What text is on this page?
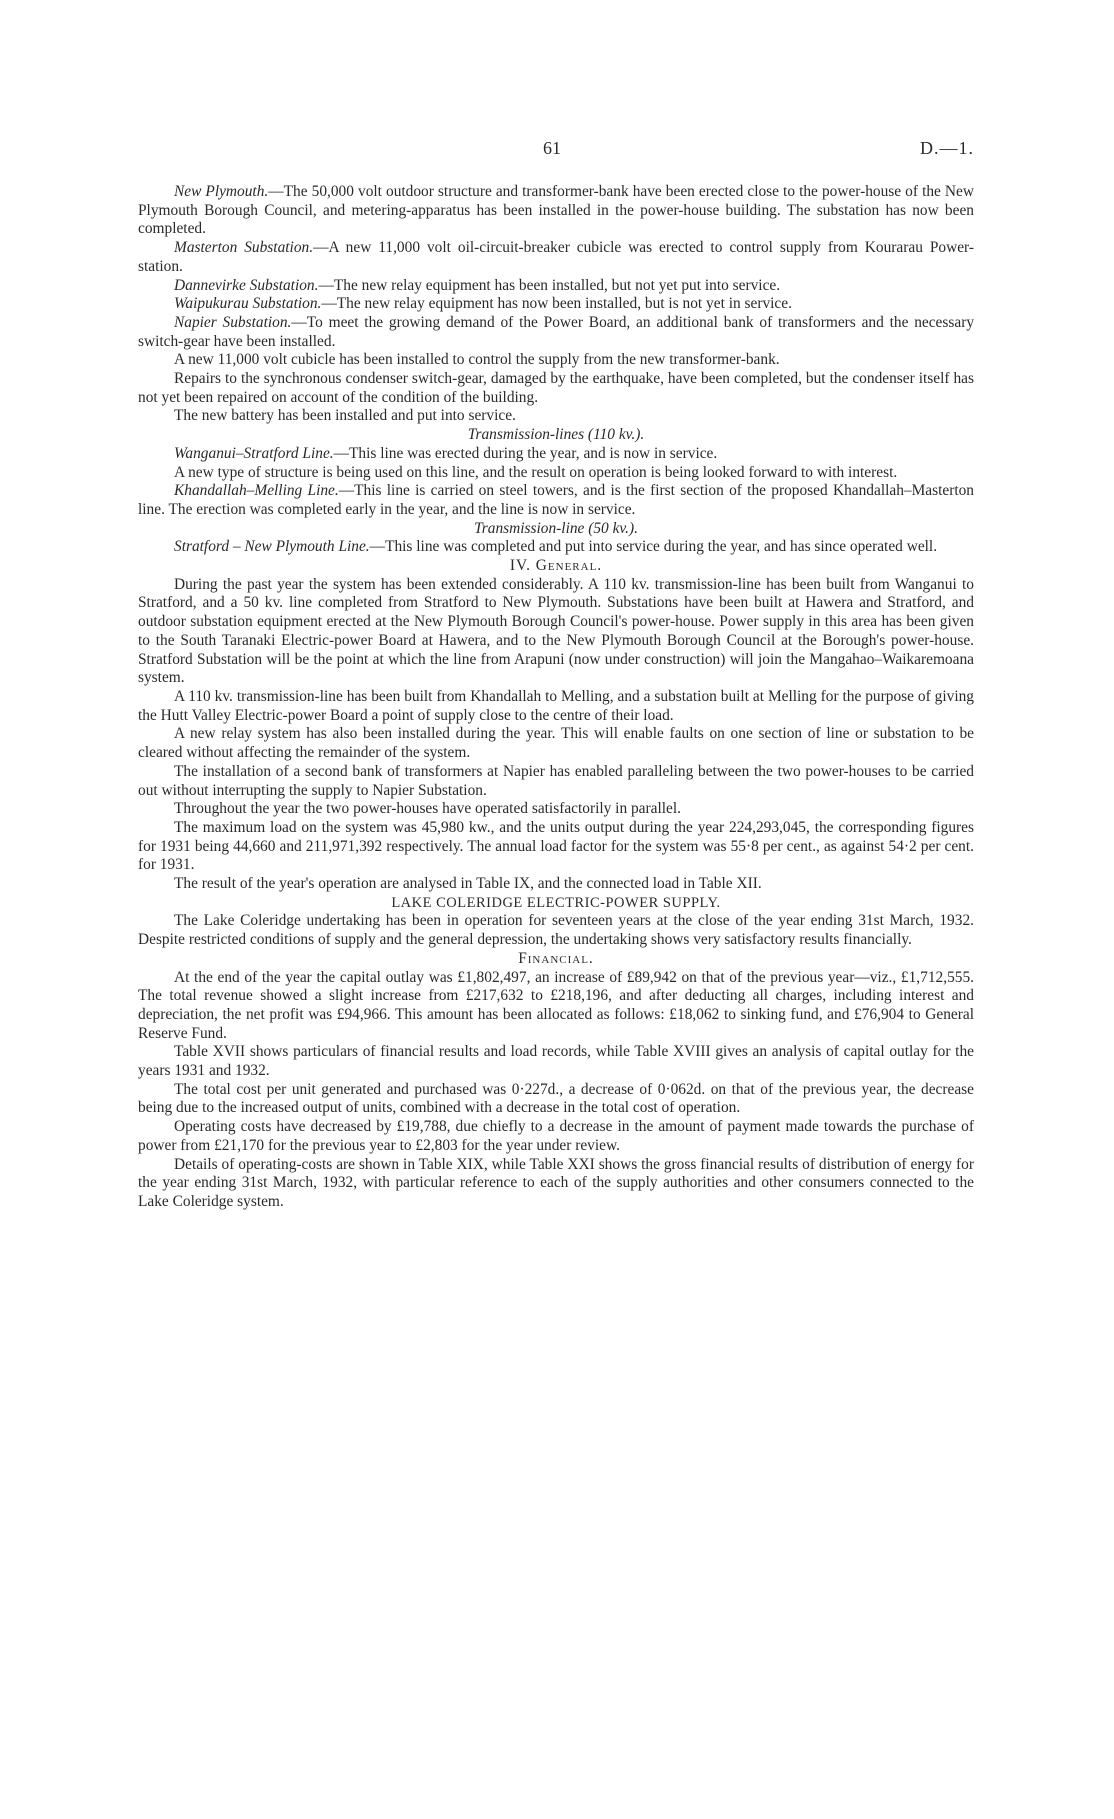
61	D.—1.

New Plymouth.—The 50,000 volt outdoor structure and transformer-bank have been erected close to the power-house of the New Plymouth Borough Council, and metering-apparatus has been installed in the power-house building. The substation has now been completed.

Masterton Substation.—A new 11,000 volt oil-circuit-breaker cubicle was erected to control supply from Kourarau Power-station.

Dannevirke Substation.—The new relay equipment has been installed, but not yet put into service.

Waipukurau Substation.—The new relay equipment has now been installed, but is not yet in service.

Napier Substation.—To meet the growing demand of the Power Board, an additional bank of transformers and the necessary switch-gear have been installed.

A new 11,000 volt cubicle has been installed to control the supply from the new transformer-bank.

Repairs to the synchronous condenser switch-gear, damaged by the earthquake, have been completed, but the condenser itself has not yet been repaired on account of the condition of the building.

The new battery has been installed and put into service.

Transmission-lines (110 kv.).

Wanganui–Stratford Line.—This line was erected during the year, and is now in service.

A new type of structure is being used on this line, and the result on operation is being looked forward to with interest.

Khandallah–Melling Line.—This line is carried on steel towers, and is the first section of the proposed Khandallah–Masterton line. The erection was completed early in the year, and the line is now in service.

Transmission-line (50 kv.).

Stratford – New Plymouth Line.—This line was completed and put into service during the year, and has since operated well.

IV. General.

During the past year the system has been extended considerably. A 110 kv. transmission-line has been built from Wanganui to Stratford, and a 50 kv. line completed from Stratford to New Plymouth. Substations have been built at Hawera and Stratford, and outdoor substation equipment erected at the New Plymouth Borough Council's power-house. Power supply in this area has been given to the South Taranaki Electric-power Board at Hawera, and to the New Plymouth Borough Council at the Borough's power-house. Stratford Substation will be the point at which the line from Arapuni (now under construction) will join the Mangahao–Waikaremoana system.

A 110 kv. transmission-line has been built from Khandallah to Melling, and a substation built at Melling for the purpose of giving the Hutt Valley Electric-power Board a point of supply close to the centre of their load.

A new relay system has also been installed during the year. This will enable faults on one section of line or substation to be cleared without affecting the remainder of the system.

The installation of a second bank of transformers at Napier has enabled paralleling between the two power-houses to be carried out without interrupting the supply to Napier Substation.

Throughout the year the two power-houses have operated satisfactorily in parallel.

The maximum load on the system was 45,980 kw., and the units output during the year 224,293,045, the corresponding figures for 1931 being 44,660 and 211,971,392 respectively. The annual load factor for the system was 55·8 per cent., as against 54·2 per cent. for 1931.

The result of the year's operation are analysed in Table IX, and the connected load in Table XII.

LAKE COLERIDGE ELECTRIC-POWER SUPPLY.

The Lake Coleridge undertaking has been in operation for seventeen years at the close of the year ending 31st March, 1932. Despite restricted conditions of supply and the general depression, the undertaking shows very satisfactory results financially.

Financial.

At the end of the year the capital outlay was £1,802,497, an increase of £89,942 on that of the previous year—viz., £1,712,555. The total revenue showed a slight increase from £217,632 to £218,196, and after deducting all charges, including interest and depreciation, the net profit was £94,966. This amount has been allocated as follows: £18,062 to sinking fund, and £76,904 to General Reserve Fund.

Table XVII shows particulars of financial results and load records, while Table XVIII gives an analysis of capital outlay for the years 1931 and 1932.

The total cost per unit generated and purchased was 0·227d., a decrease of 0·062d. on that of the previous year, the decrease being due to the increased output of units, combined with a decrease in the total cost of operation.

Operating costs have decreased by £19,788, due chiefly to a decrease in the amount of payment made towards the purchase of power from £21,170 for the previous year to £2,803 for the year under review.

Details of operating-costs are shown in Table XIX, while Table XXI shows the gross financial results of distribution of energy for the year ending 31st March, 1932, with particular reference to each of the supply authorities and other consumers connected to the Lake Coleridge system.
